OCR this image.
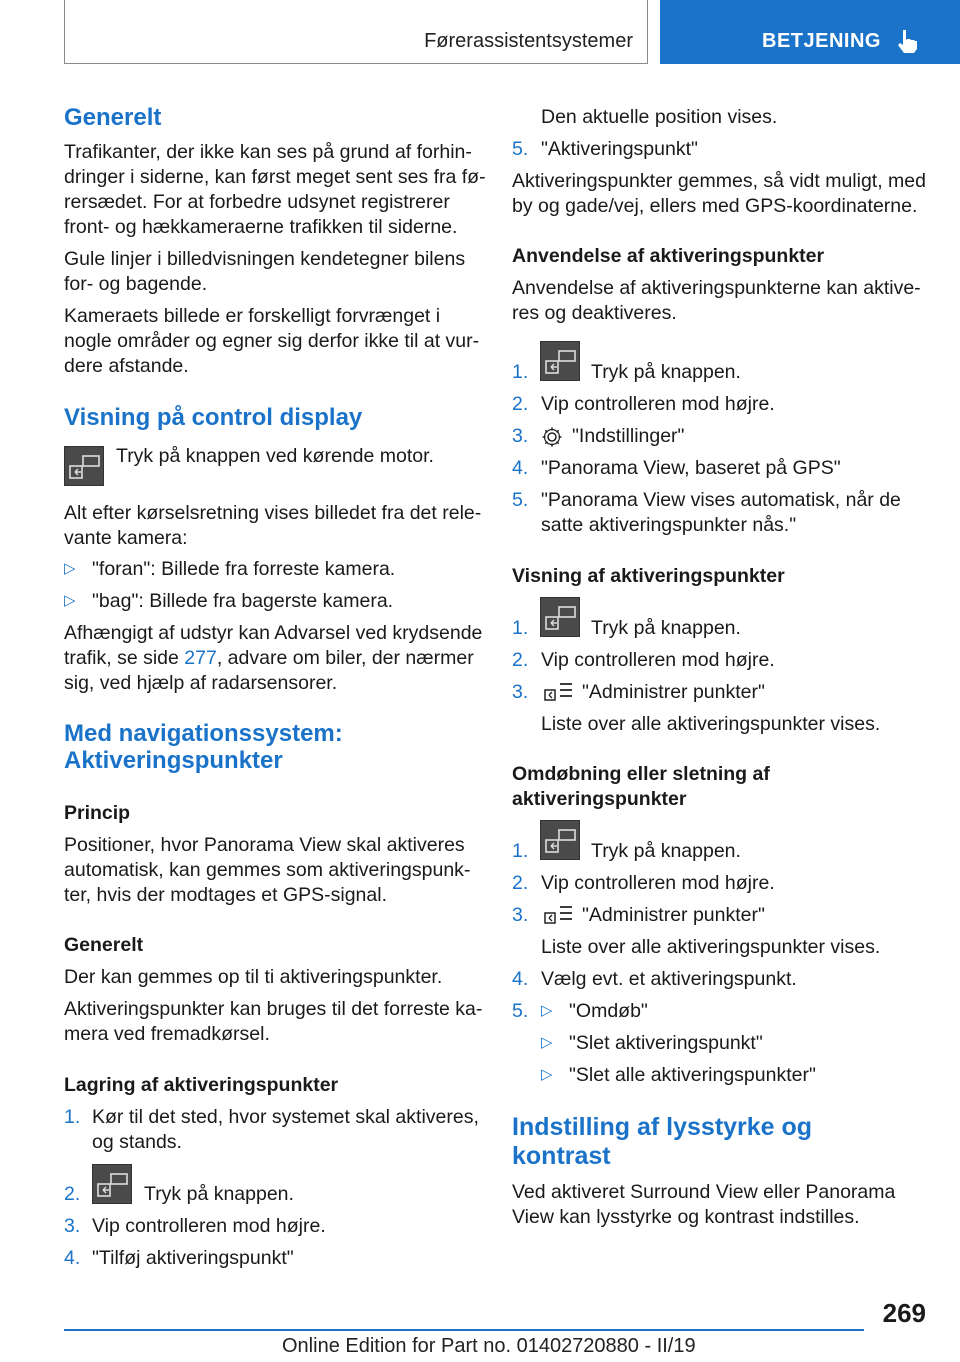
Førerassistentsystemer	BETJENING
Generelt
Trafikanter, der ikke kan ses på grund af forhin-
dringer i siderne, kan først meget sent ses fra fø-
rersædet. For at forbedre udsynet registrerer
front- og hækkameraerne trafikken til siderne.
Gule linjer i billedvisningen kendetegner bilens
for- og bagende.
Kameraets billede er forskelligt forvrænget i
nogle områder og egner sig derfor ikke til at vur-
dere afstande.
Visning på control display
Tryk på knappen ved kørende motor.
Alt efter kørselsretning vises billedet fra det rele-
vante kamera:
▷ "foran": Billede fra forreste kamera.
▷ "bag": Billede fra bagerste kamera.
Afhængigt af udstyr kan Advarsel ved krydsende
trafik, se side 277, advare om biler, der nærmer
sig, ved hjælp af radarsensorer.
Med navigationssystem:
Aktiveringspunkter
Princip
Positioner, hvor Panorama View skal aktiveres
automatisk, kan gemmes som aktiveringspunk-
ter, hvis der modtages et GPS-signal.
Generelt
Der kan gemmes op til ti aktiveringspunkter.
Aktiveringspunkter kan bruges til det forreste ka-
mera ved fremadkørsel.
Lagring af aktiveringspunkter
1. Kør til det sted, hvor systemet skal aktiveres,
og stands.
2.	Tryk på knappen.
3. Vip controlleren mod højre.
4. "Tilføj aktiveringspunkt"
Den aktuelle position vises.
5. "Aktiveringspunkt"
Aktiveringspunkter gemmes, så vidt muligt, med
by og gade/vej, ellers med GPS-koordinaterne.
Anvendelse af aktiveringspunkter
Anvendelse af aktiveringspunkterne kan aktive-
res og deaktiveres.
1.	Tryk på knappen.
2. Vip controlleren mod højre.
3. "Indstillinger"
4. "Panorama View, baseret på GPS"
5. "Panorama View vises automatisk, når de
satte aktiveringspunkter nås."
Visning af aktiveringspunkter
1.	Tryk på knappen.
2. Vip controlleren mod højre.
3.	"Administrer punkter"
Liste over alle aktiveringspunkter vises.
Omdøbning eller sletning af
aktiveringspunkter
1.	Tryk på knappen.
2. Vip controlleren mod højre.
3.	"Administrer punkter"
Liste over alle aktiveringspunkter vises.
4. Vælg evt. et aktiveringspunkt.
5. ▷ "Omdøb"
▷ "Slet aktiveringspunkt"
▷ "Slet alle aktiveringspunkter"
Indstilling af lysstyrke og
kontrast
Ved aktiveret Surround View eller Panorama
View kan lysstyrke og kontrast indstilles.
269
Online Edition for Part no. 01402720880 - II/19
